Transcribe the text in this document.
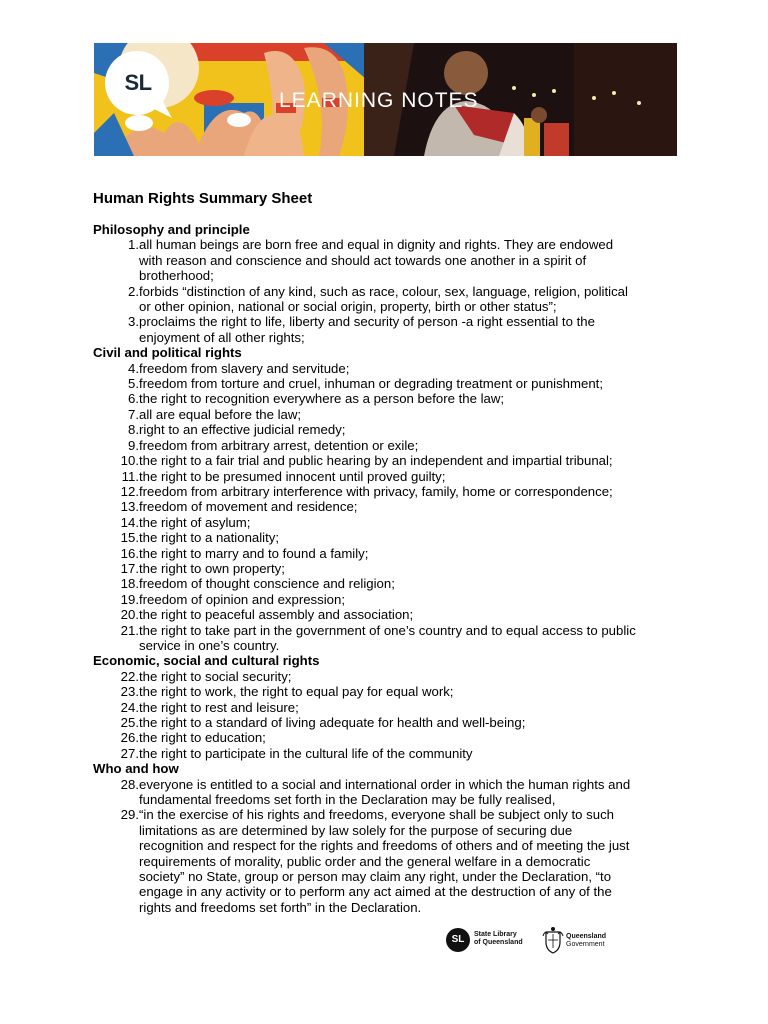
SL
LEARNING NOTES
Human Rights Summary Sheet
Philosophy and principle
1. all human beings are born free and equal in dignity and rights. They are endowed
with reason and conscience and should act towards one another in a spirit of
brotherhood;
2. forbids “distinction of any kind, such as race, colour, sex, language, religion, political
or other opinion, national or social origin, property, birth or other status”;
3. proclaims the right to life, liberty and security of person -a right essential to the
enjoyment of all other rights;
Civil and political rights
4. freedom from slavery and servitude;
5. freedom from torture and cruel, inhuman or degrading treatment or punishment;
6. the right to recognition everywhere as a person before the law;
7. all are equal before the law;
8. right to an effective judicial remedy;
9. freedom from arbitrary arrest, detention or exile;
10. the right to a fair trial and public hearing by an independent and impartial tribunal;
11. the right to be presumed innocent until proved guilty;
12. freedom from arbitrary interference with privacy, family, home or correspondence;
13. freedom of movement and residence;
14. the right of asylum;
15. the right to a nationality;
16. the right to marry and to found a family;
17. the right to own property;
18. freedom of thought conscience and religion;
19. freedom of opinion and expression;
20. the right to peaceful assembly and association;
21. the right to take part in the government of one’s country and to equal access to public
service in one’s country.
Economic, social and cultural rights
22. the right to social security;
23. the right to work, the right to equal pay for equal work;
24. the right to rest and leisure;
25. the right to a standard of living adequate for health and well-being;
26. the right to education;
27. the right to participate in the cultural life of the community
Who and how
28. everyone is entitled to a social and international order in which the human rights and
fundamental freedoms set forth in the Declaration may be fully realised,
29. “in the exercise of his rights and freedoms, everyone shall be subject only to such
limitations as are determined by law solely for the purpose of securing due
recognition and respect for the rights and freedoms of others and of meeting the just
requirements of morality, public order and the general welfare in a democratic
society” no State, group or person may claim any right, under the Declaration, “to
engage in any activity or to perform any act aimed at the destruction of any of the
rights and freedoms set forth” in the Declaration.
SL	State Library
of Queensland
Queensland
Government
